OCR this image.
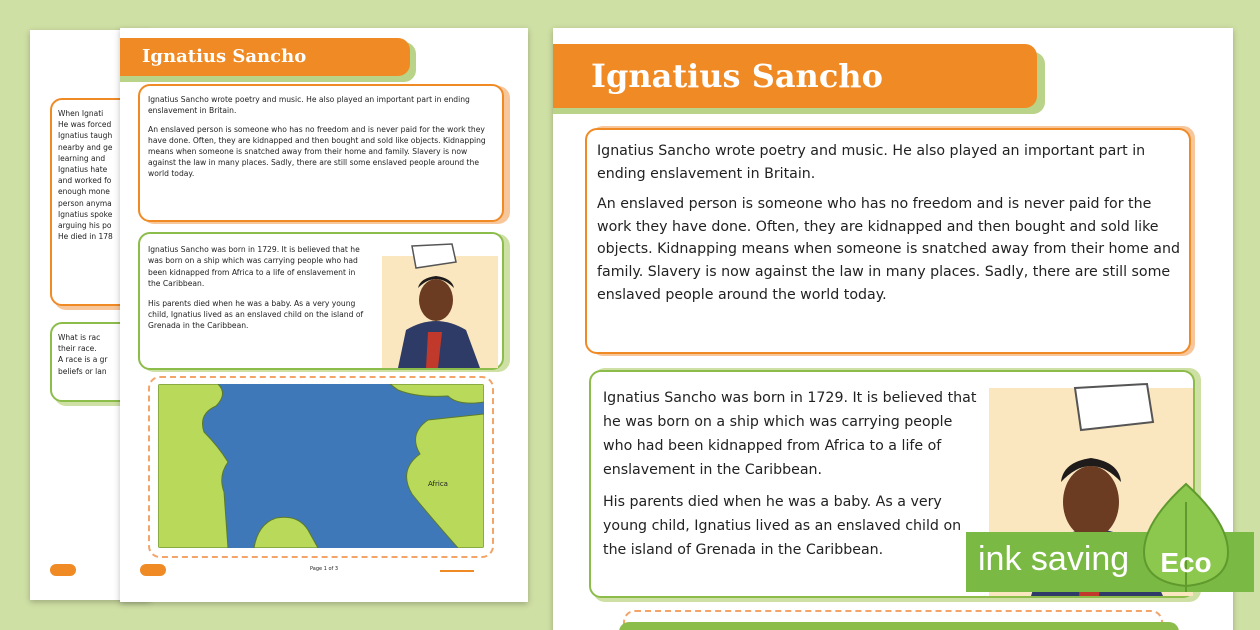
When Ignati
He was forced
Ignatius taugh
nearby and ge
learning and
Ignatius hate
and worked fo
enough mone
person anyma
Ignatius spoke
arguing his po
He died in 178
What is rac
their race.
A race is a gr
beliefs or lan
Ignatius Sancho

Ignatius Sancho wrote poetry and music. He also played an important part in ending enslavement in Britain.

An enslaved person is someone who has no freedom and is never paid for the work they have done. Often, they are kidnapped and then bought and sold like objects. Kidnapping means when someone is snatched away from their home and family. Slavery is now against the law in many places. Sadly, there are still some enslaved people around the world today.

Ignatius Sancho was born in 1729. It is believed that he was born on a ship which was carrying people who had been kidnapped from Africa to a life of enslavement in the Caribbean.

His parents died when he was a baby. As a very young child, Ignatius lived as an enslaved child on the island of Grenada in the Caribbean.

Africa
Page 1 of 3
Ignatius Sancho

Ignatius Sancho wrote poetry and music. He also played an important part in ending enslavement in Britain.

An enslaved person is someone who has no freedom and is never paid for the work they have done. Often, they are kidnapped and then bought and sold like objects. Kidnapping means when someone is snatched away from their home and family. Slavery is now against the law in many places. Sadly, there are still some enslaved people around the world today.

Ignatius Sancho was born in 1729. It is believed that he was born on a ship which was carrying people who had been kidnapped from Africa to a life of enslavement in the Caribbean.

His parents died when he was a baby. As a very young child, Ignatius lived as an enslaved child on the island of Grenada in the Caribbean.	ink saving Eco
